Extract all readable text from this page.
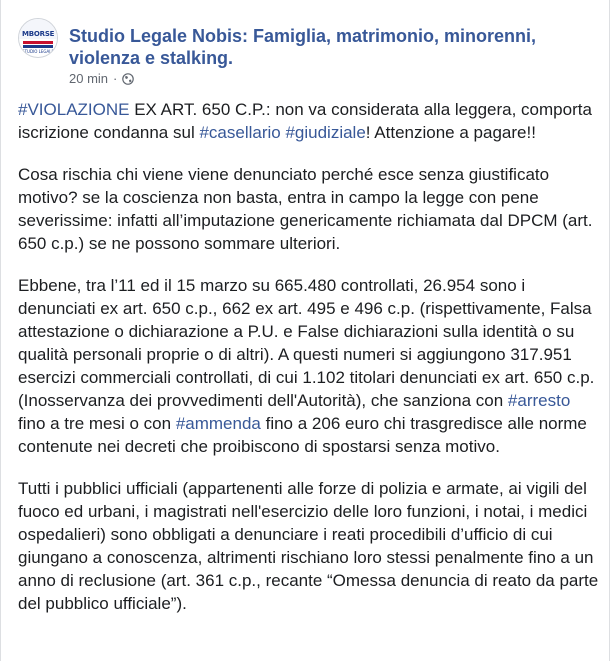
MBORSE
STUDIO LEGALE
Studio Legale Nobis: Famiglia, matrimonio, minorenni, violenza e stalking.
20 min ·

#VIOLAZIONE EX ART. 650 C.P.: non va considerata alla leggera, comporta iscrizione condanna sul #casellario #giudiziale! Attenzione a pagare!!

Cosa rischia chi viene viene denunciato perché esce senza giustificato motivo? se la coscienza non basta, entra in campo la legge con pene severissime: infatti all’imputazione genericamente richiamata dal DPCM (art. 650 c.p.) se ne possono sommare ulteriori.

Ebbene, tra l’11 ed il 15 marzo su 665.480 controllati, 26.954 sono i denunciati ex art. 650 c.p., 662 ex art. 495 e 496 c.p. (rispettivamente, Falsa attestazione o dichiarazione a P.U. e False dichiarazioni sulla identità o su qualità personali proprie o di altri). A questi numeri si aggiungono 317.951 esercizi commerciali controllati, di cui 1.102 titolari denunciati ex art. 650 c.p. (Inosservanza dei provvedimenti dell'Autorità), che sanziona con #arresto fino a tre mesi o con #ammenda fino a 206 euro chi trasgredisce alle norme contenute nei decreti che proibiscono di spostarsi senza motivo.

Tutti i pubblici ufficiali (appartenenti alle forze di polizia e armate, ai vigili del fuoco ed urbani, i magistrati nell'esercizio delle loro funzioni, i notai, i medici ospedalieri) sono obbligati a denunciare i reati procedibili d’ufficio di cui giungano a conoscenza, altrimenti rischiano loro stessi penalmente fino a un anno di reclusione (art. 361 c.p., recante “Omessa denuncia di reato da parte del pubblico ufficiale”).
